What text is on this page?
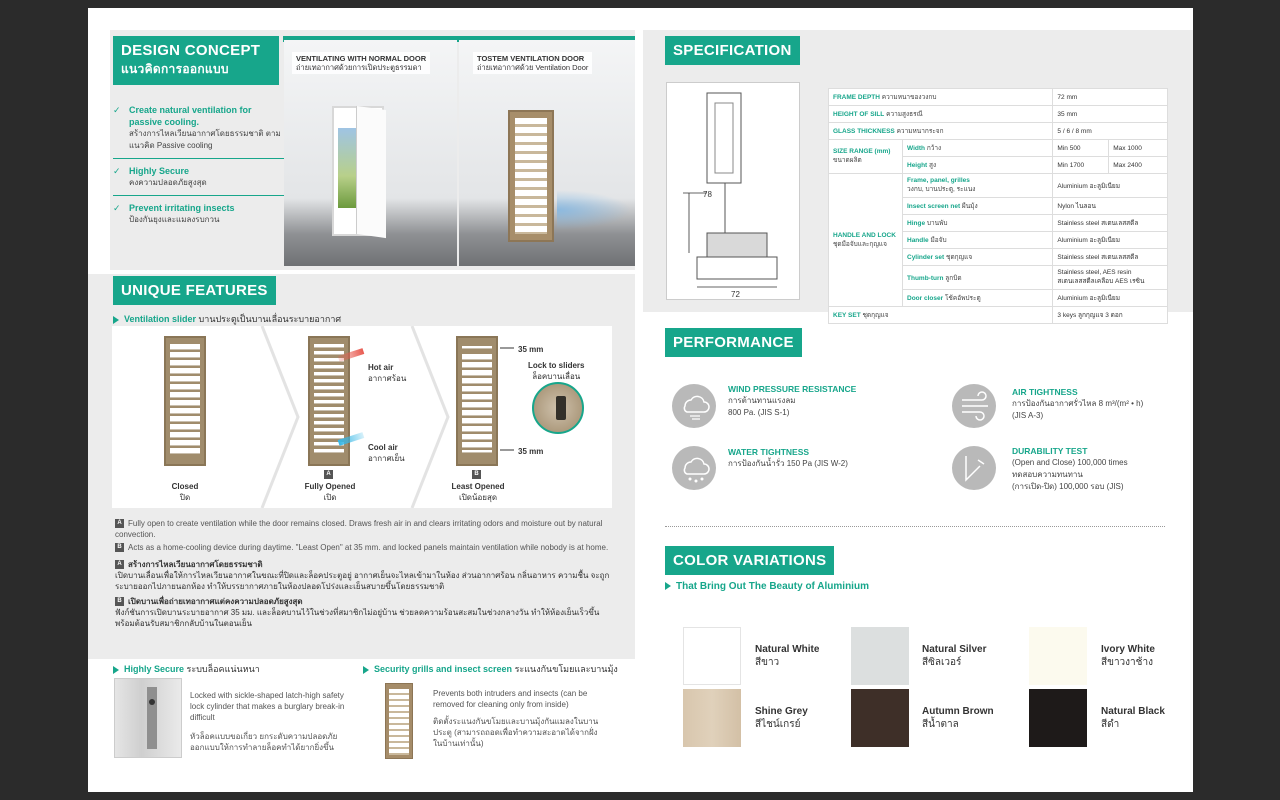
DESIGN CONCEPT
แนวคิดการออกแบบ
✓ Create natural ventilation for passive cooling.
สร้างการไหลเวียนอากาศโดยธรรมชาติ ตามแนวคิด Passive cooling
✓ Highly Secure
คงความปลอดภัยสูงสุด
✓ Prevent irritating insects
ป้องกันยุงและแมลงรบกวน
VENTILATING WITH NORMAL DOOR
ถ่ายเทอากาศด้วยการเปิดประตูธรรมดา
TOSTEM VENTILATION DOOR
ถ่ายเทอากาศด้วย Ventilation Door
UNIQUE FEATURES
Ventilation slider บานประตูเป็นบานเลื่อนระบายอากาศ
Closed
ปิด
Hot air
อากาศร้อน
Cool air
อากาศเย็น
A
Fully Opened
เปิด
35 mm
35 mm
Lock to sliders
ล็อคบานเลื่อน
B
Least Opened
เปิดน้อยสุด
A Fully open to create ventilation while the door remains closed. Draws fresh air in and clears irritating odors and moisture out by natural convection.
B Acts as a home-cooling device during daytime. "Least Open" at 35 mm. and locked panels maintain ventilation while nobody is at home.
A สร้างการไหลเวียนอากาศโดยธรรมชาติ
เปิดบานเลื่อนเพื่อให้การไหลเวียนอากาศในขณะที่ปิดและล็อคประตูอยู่ อากาศเย็นจะไหลเข้ามาในห้อง ส่วนอากาศร้อน กลิ่นอาหาร ความชื้น จะถูกระบายออกไปภายนอกห้อง ทำให้บรรยากาศภายในห้องปลอดโปร่งและเย็นสบายขึ้นโดยธรรมชาติ
B เปิดบานเพื่อถ่ายเทอากาศแต่คงความปลอดภัยสูงสุด
ฟังก์ชันการเปิดบานระบายอากาศ 35 มม. และล็อคบานไว้ในช่วงที่สมาชิกไม่อยู่บ้าน ช่วยลดความร้อนสะสมในช่วงกลางวัน ทำให้ห้องเย็นเร็วขึ้นพร้อมต้อนรับสมาชิกกลับบ้านในตอนเย็น
Highly Secure ระบบล็อคแน่นหนา
Locked with sickle-shaped latch-high safety lock cylinder that makes a burglary break-in difficult
หัวล็อคแบบขอเกี่ยว ยกระดับความปลอดภัยออกแบบให้การทำลายล็อคทำได้ยากยิ่งขึ้น
Security grills and insect screen ระแนงกันขโมยและบานมุ้ง
Prevents both intruders and insects (can be removed for cleaning only from inside)
ติดตั้งระแนงกันขโมยและบานมุ้งกันแมลงในบานประตู (สามารถถอดเพื่อทำความสะอาดได้จากฝั่งในบ้านเท่านั้น)
SPECIFICATION
78
72
FRAME DEPTH ความหนาของวงกบ		72 mm	
HEIGHT OF SILL ความสูงธรณี		35 mm	
GLASS THICKNESS ความหนากระจก		5 / 6 / 8 mm	
SIZE RANGE (mm)
ขนาดผลิต	Width กว้าง	Min 500	Max 1000
	Height สูง	Min 1700	Max 2400
HANDLE AND LOCK
ชุดมือจับและกุญแจ	Frame, panel, grilles
วงกบ, บานประตู, ระแนง	Aluminium อะลูมิเนียม	
	Insect screen net ผืนมุ้ง	Nylon ไนลอน	
	Hinge บานพับ	Stainless steel สเตนเลสสตีล	
	Handle มือจับ	Aluminium อะลูมิเนียม	
	Cylinder set ชุดกุญแจ	Stainless steel สเตนเลสสตีล	
	Thumb-turn ลูกบิด	Stainless steel, AES resin
สเตนเลสสตีลเคลือบ AES เรซิน	
	Door closer โช้คอัพประตู	Aluminium อะลูมิเนียม	
KEY SET ชุดกุญแจ		3 keys ลูกกุญแจ 3 ดอก	
PERFORMANCE
WIND PRESSURE RESISTANCE
การต้านทานแรงลม
800 Pa. (JIS S-1)
AIR TIGHTNESS
การป้องกันอากาศรั่วไหล 8 m³/(m² • h)
(JIS A-3)
WATER TIGHTNESS
การป้องกันน้ำรั่ว 150 Pa (JIS W-2)
DURABILITY TEST
(Open and Close) 100,000 times
ทดสอบความทนทาน
(การเปิด-ปิด) 100,000 รอบ (JIS)
COLOR VARIATIONS
That Bring Out The Beauty of Aluminium
Natural White
สีขาว
Natural Silver
สีซิลเวอร์
Ivory White
สีขาวงาช้าง
Shine Grey
สีไชน์เกรย์
Autumn Brown
สีน้ำตาล
Natural Black
สีดำ
